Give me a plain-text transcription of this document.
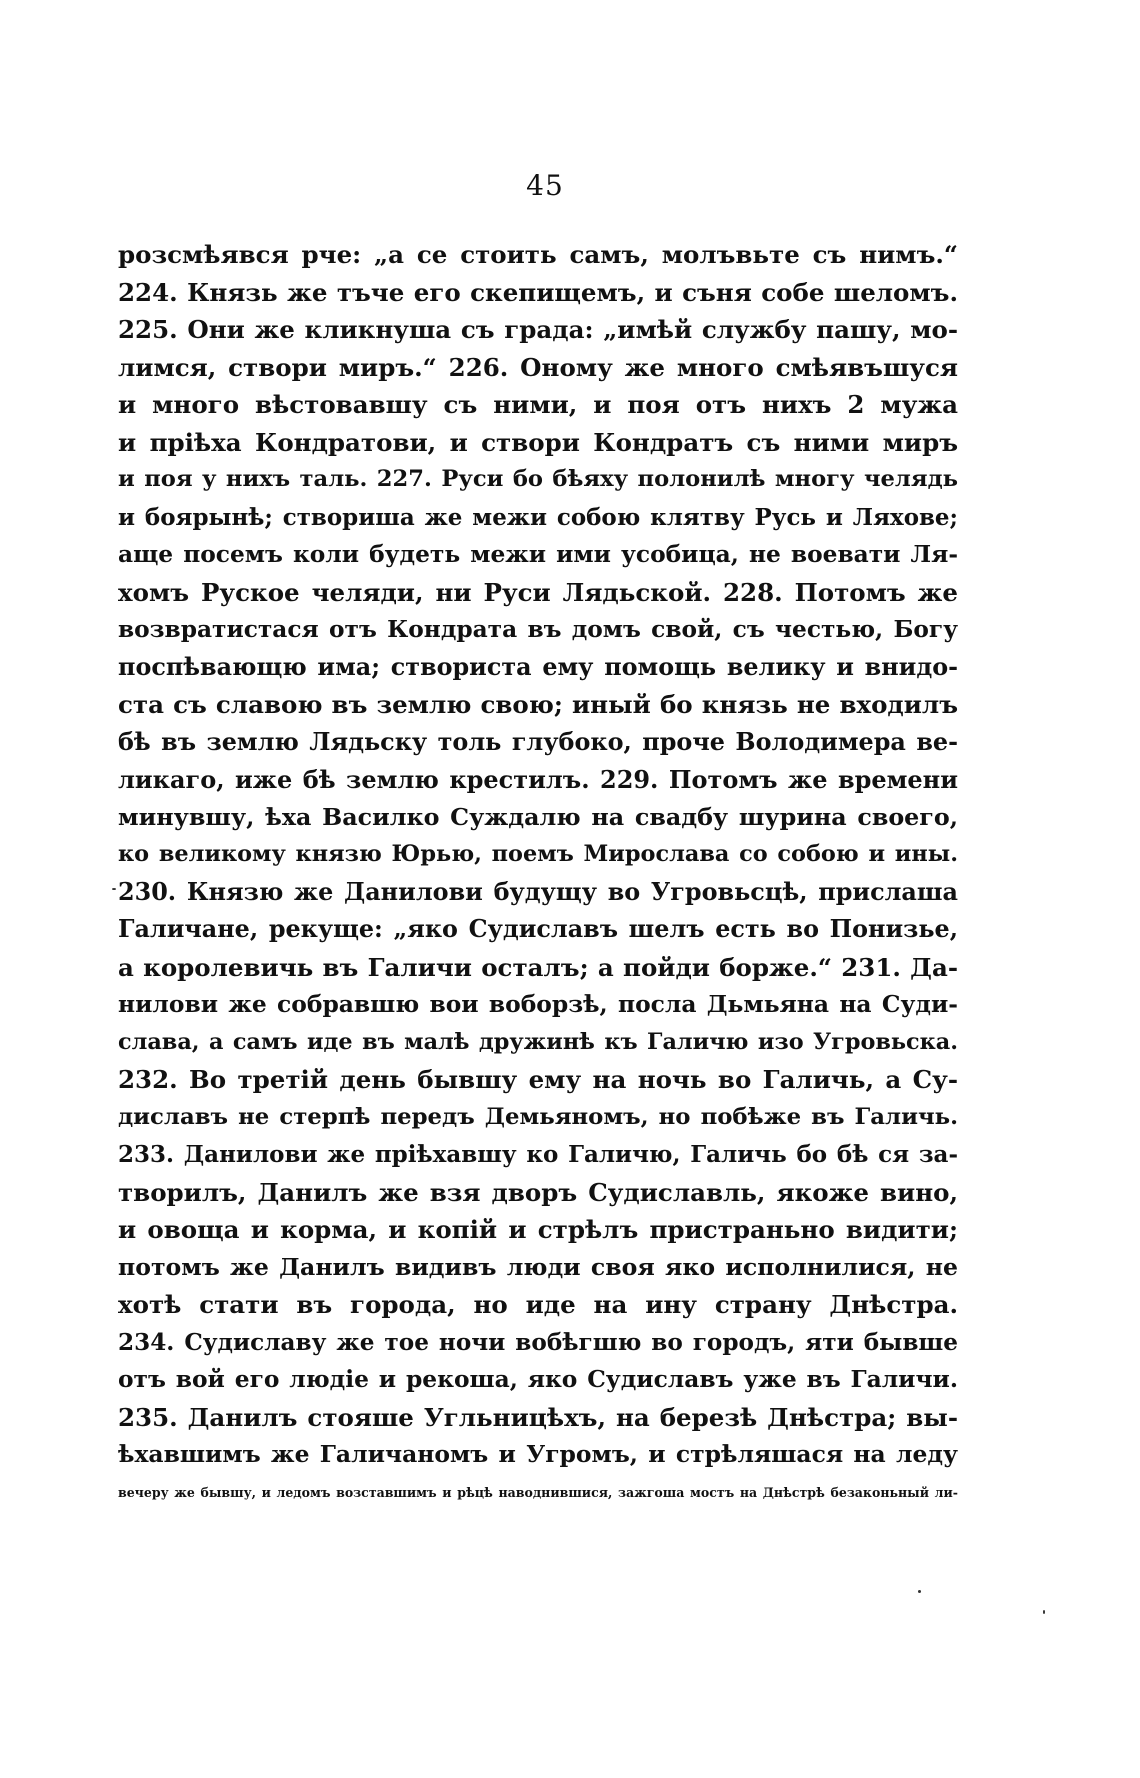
45
розсмѣявся рче: „а се стоить самъ, молъвьте съ нимъ.“
224. Князь же тъче его скепищемъ, и съня собе шеломъ.
225. Они же кликнуша съ града: „имѣй службу пашу, мо-
лимся, створи миръ.“ 226. Оному же много смѣявъшуся
и много вѣстовавшу съ ними, и поя отъ нихъ 2 мужа
и пріѣха Кондратови, и створи Кондратъ съ ними миръ
и поя у нихъ таль. 227. Руси бо бѣяху полонилѣ многу челядь
и боярынѣ; створиша же межи собою клятву Русь и Ляхове;
аще посемъ коли будеть межи ими усобица, не воевати Ля-
хомъ Руское челяди, ни Руси Лядьской. 228. Потомъ же
возвратистася отъ Кондрата въ домъ свой, съ честью, Богу
поспѣвающю има; створиста ему помощь велику и внидо-
ста съ славою въ землю свою; иный бо князь не входилъ
бѣ въ землю Лядьску толь глубоко, проче Володимера ве-
ликаго, иже бѣ землю крестилъ. 229. Потомъ же времени
минувшу, ѣха Василко Суждалю на свадбу шурина своего,
ко великому князю Юрью, поемъ Мирослава со собою и ины.
230. Князю же Данилови будущу во Угровьсцѣ, прислаша
Галичане, рекуще: „яко Судиславъ шелъ есть во Понизье,
а королевичь въ Галичи осталъ; а пойди борже.“ 231. Да-
нилови же собравшю вои воборзѣ, посла Дьмьяна на Суди-
слава, а самъ иде въ малѣ дружинѣ къ Галичю изо Угровьска.
232. Во третій день бывшу ему на ночь во Галичь, а Су-
диславъ не стерпѣ передъ Демьяномъ, но побѣже въ Галичь.
233. Данилови же пріѣхавшу ко Галичю, Галичь бо бѣ ся за-
творилъ, Данилъ же взя дворъ Судиславль, якоже вино,
и овоща и корма, и копій и стрѣлъ пристраньно видити;
потомъ же Данилъ видивъ люди своя яко исполнилися, не
хотѣ стати въ города, но иде на ину страну Днѣстра.
234. Судиславу же тое ночи вобѣгшю во городъ, яти бывше
отъ вой его людіе и рекоша, яко Судиславъ уже въ Галичи.
235. Данилъ стояше Угльницѣхъ, на березѣ Днѣстра; вы-
ѣхавшимъ же Галичаномъ и Угромъ, и стрѣляшася на леду
вечеру же бывшу, и ледомъ возставшимъ и рѣцѣ наводнившися, зажгоша мостъ на Днѣстрѣ безаконьный ли-
